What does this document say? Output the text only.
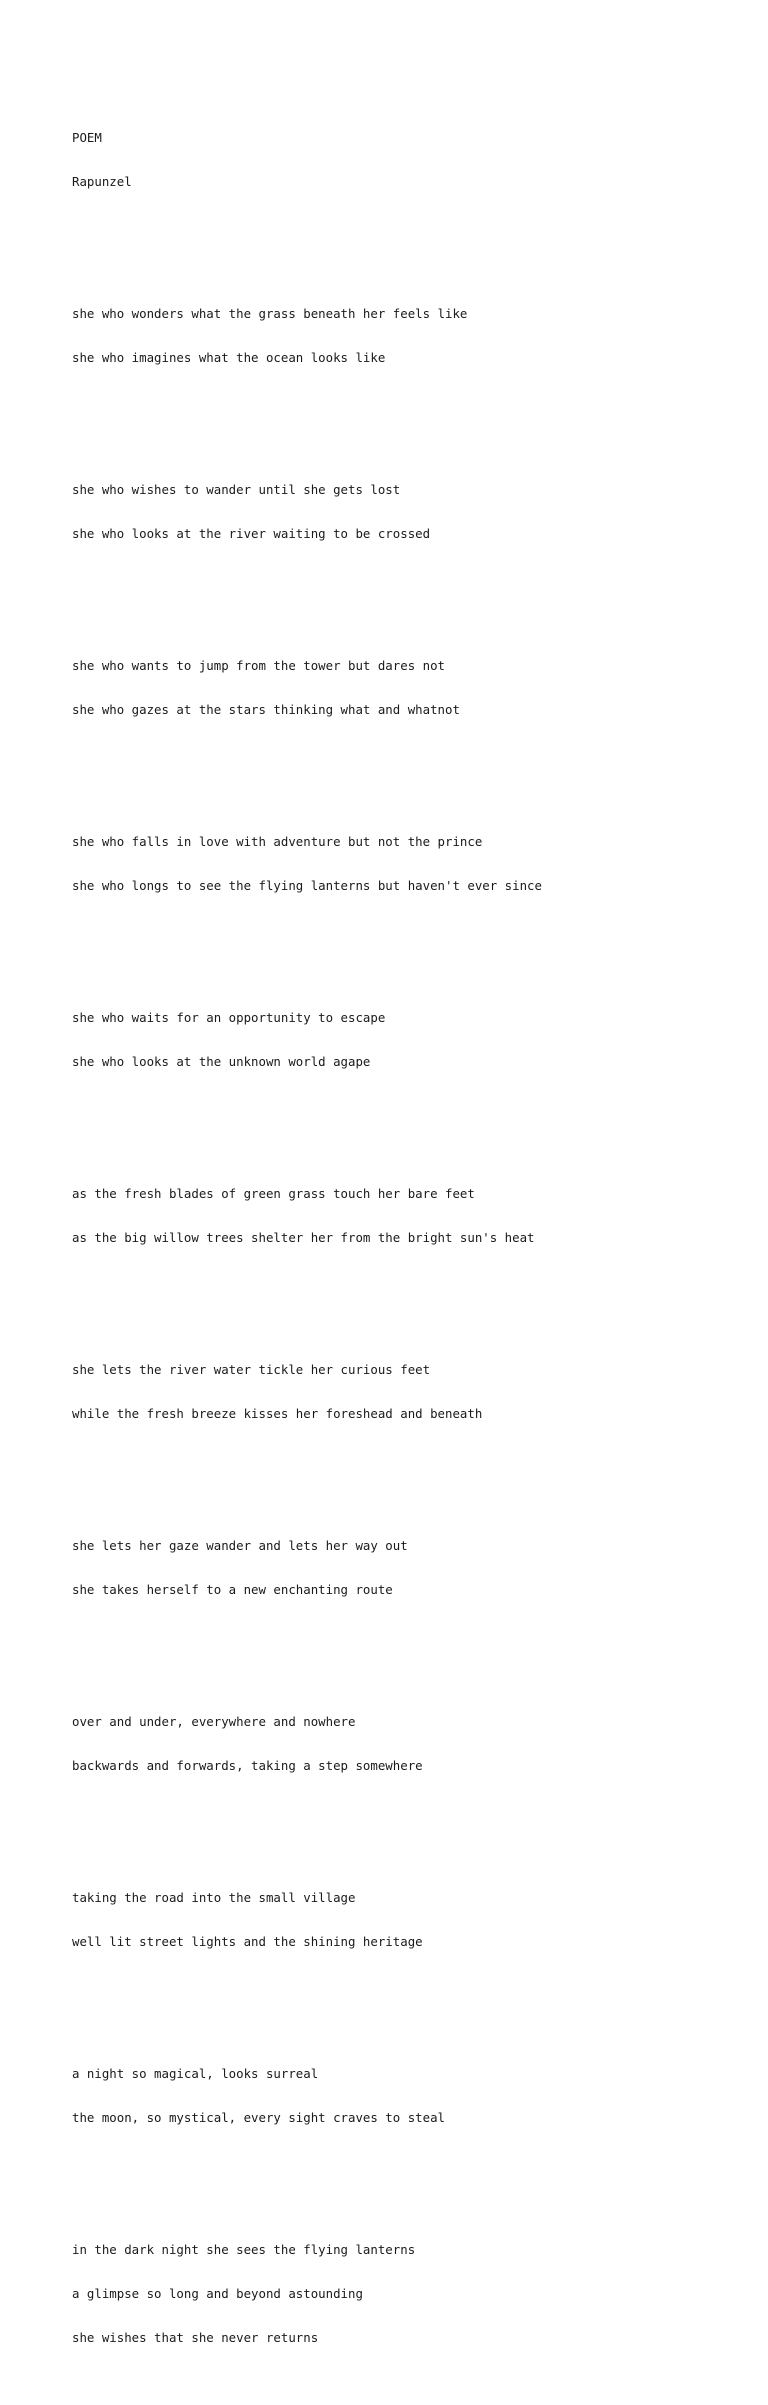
POEM

Rapunzel

she who wonders what the grass beneath her feels like

she who imagines what the ocean looks like

she who wishes to wander until she gets lost

she who looks at the river waiting to be crossed

she who wants to jump from the tower but dares not

she who gazes at the stars thinking what and whatnot

she who falls in love with adventure but not the prince

she who longs to see the flying lanterns but haven't ever since

she who waits for an opportunity to escape

she who looks at the unknown world agape

as the fresh blades of green grass touch her bare feet

as the big willow trees shelter her from the bright sun's heat

she lets the river water tickle her curious feet

while the fresh breeze kisses her foreshead and beneath

she lets her gaze wander and lets her way out

she takes herself to a new enchanting route

over and under, everywhere and nowhere

backwards and forwards, taking a step somewhere

taking the road into the small village

well lit street lights and the shining heritage

a night so magical, looks surreal

the moon, so mystical, every sight craves to steal

in the dark night she sees the flying lanterns

a glimpse so long and beyond astounding

she wishes that she never returns
